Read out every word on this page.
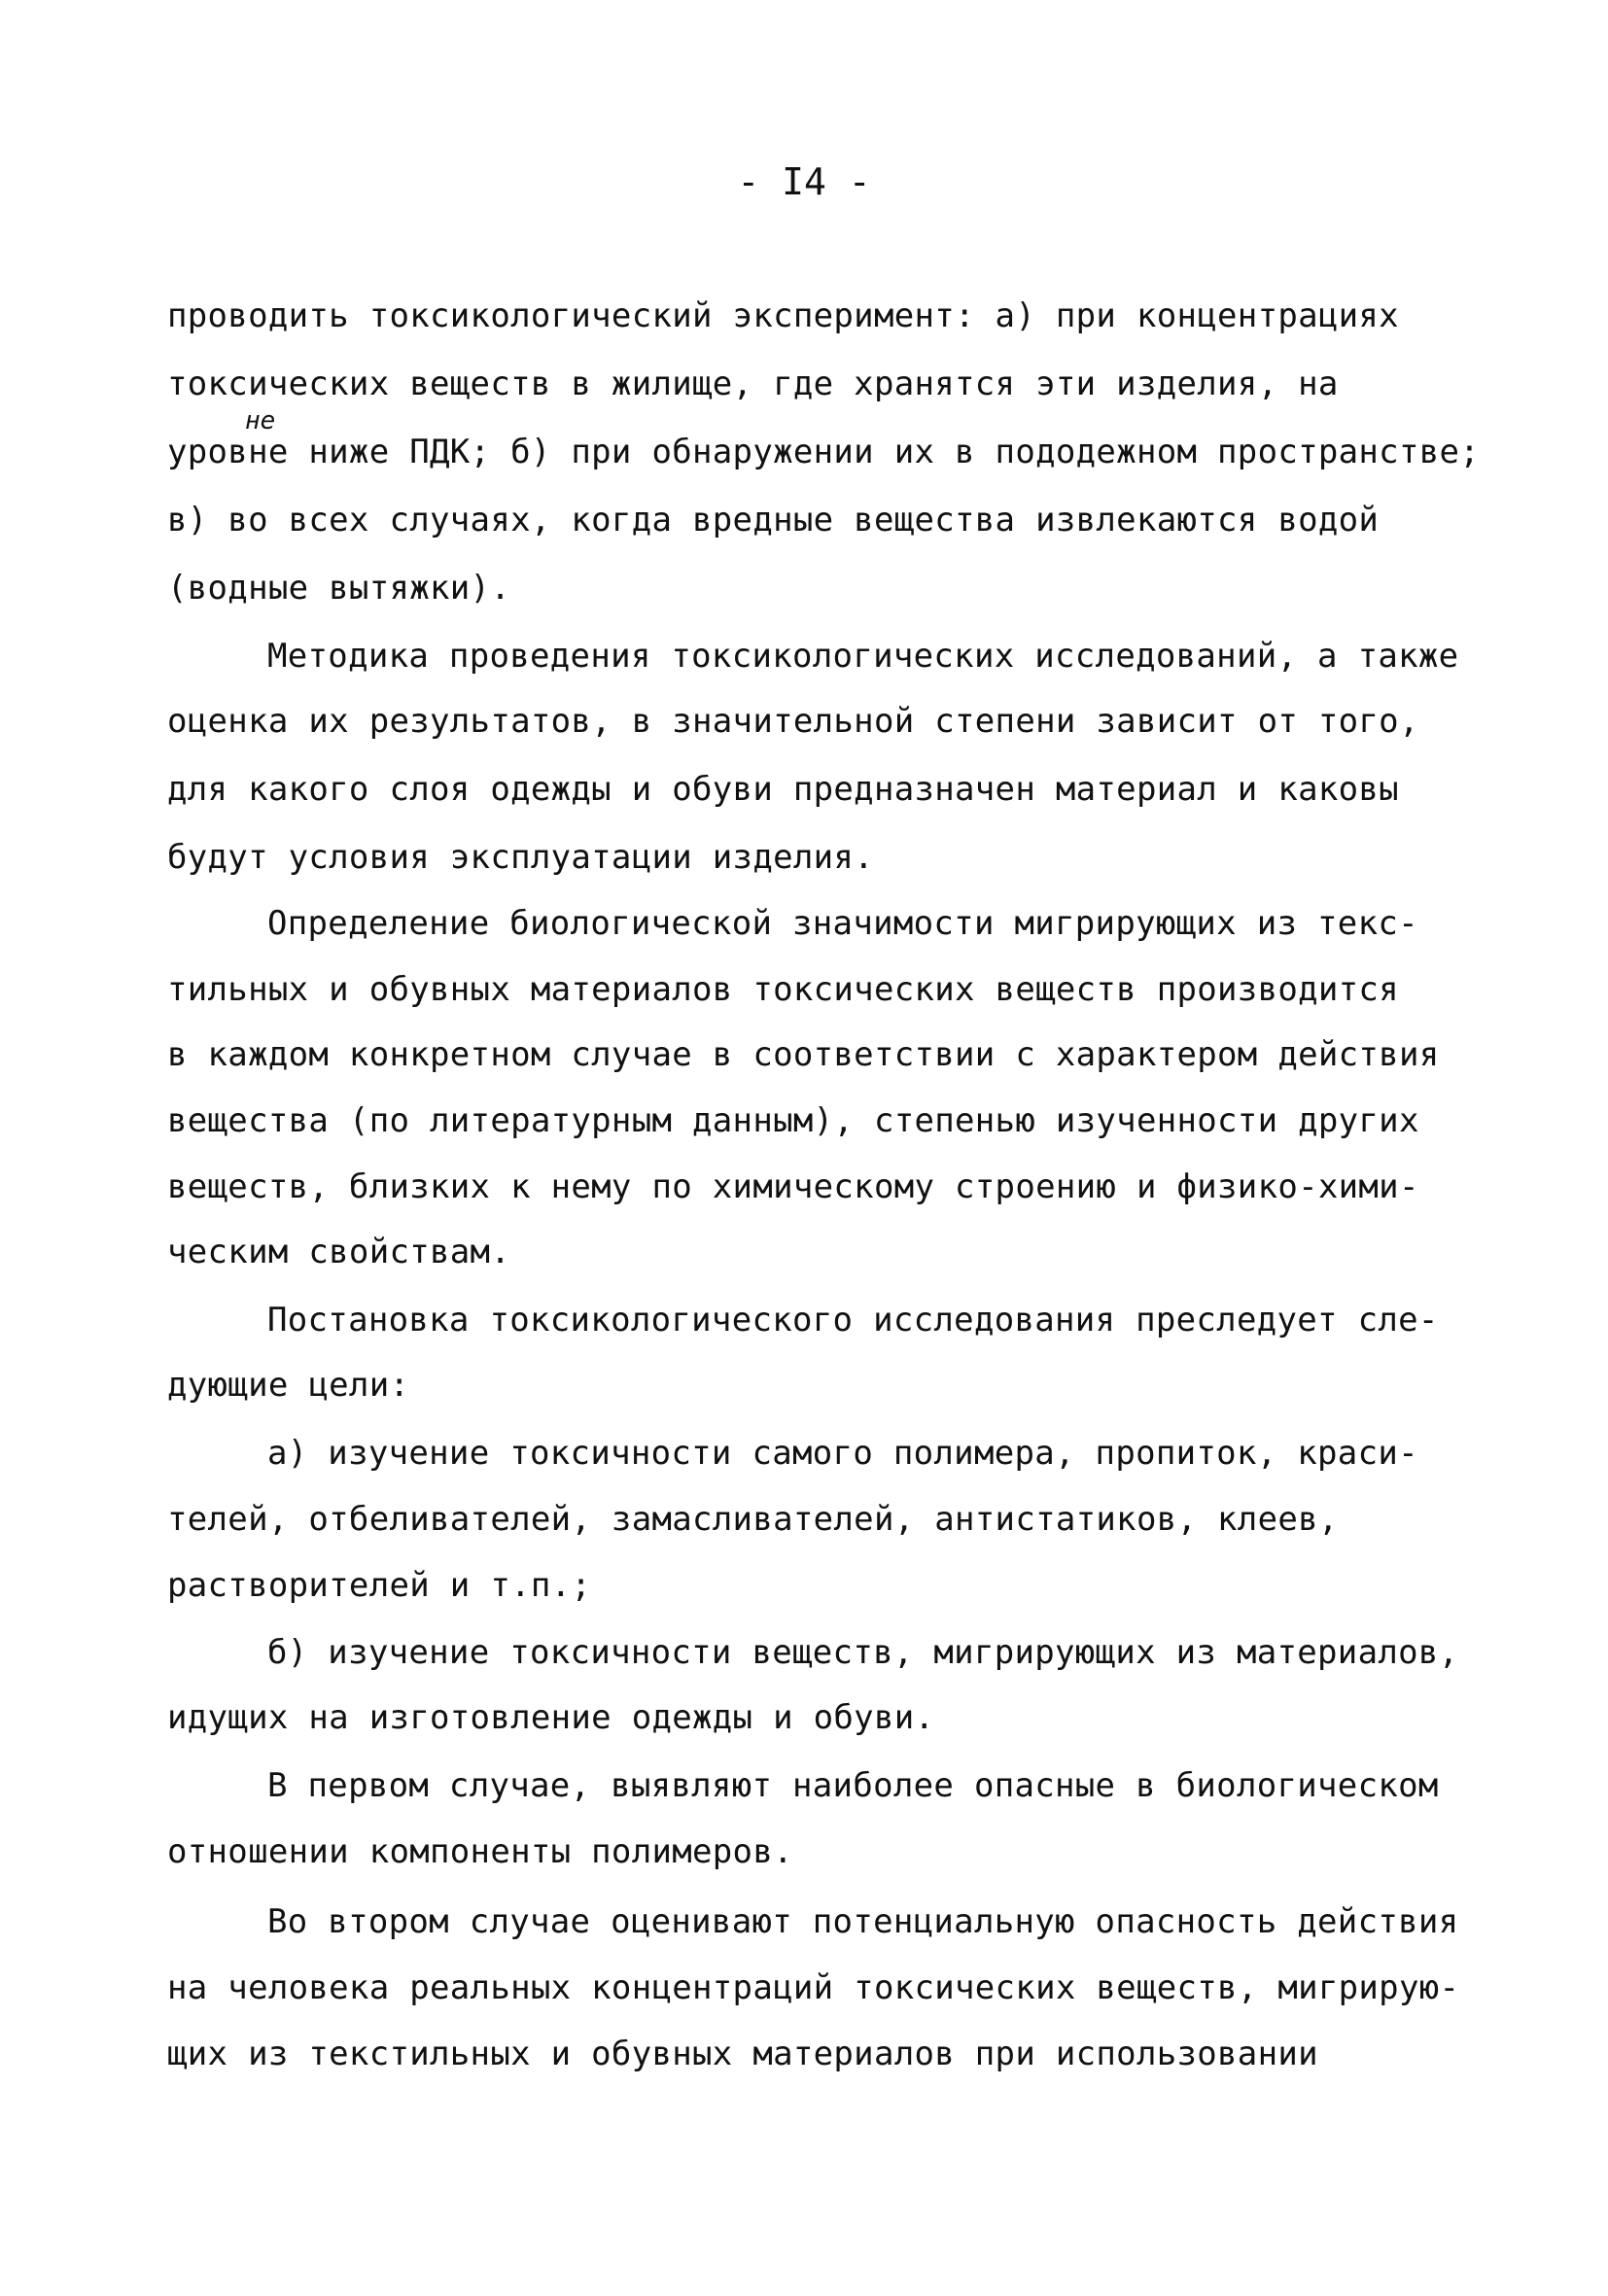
- I4 -
не
проводить токсикологический эксперимент: а) при концентрациях
токсических веществ в жилище, где хранятся эти изделия, на
уровне ниже ПДК; б) при обнаружении их в пододежном пространстве;
в) во всех случаях, когда вредные вещества извлекаются водой
(водные вытяжки).
Методика проведения токсикологических исследований, а также
оценка их результатов, в значительной степени зависит от того,
для какого слоя одежды и обуви предназначен материал и каковы
будут условия эксплуатации изделия.
Определение биологической значимости мигрирующих из текс-
тильных и обувных материалов токсических веществ производится
в каждом конкретном случае в соответствии с характером действия
вещества (по литературным данным), степенью изученности других
веществ, близких к нему по химическому строению и физико-хими-
ческим свойствам.
Постановка токсикологического исследования преследует сле-
дующие цели:
а) изучение токсичности самого полимера, пропиток, краси-
телей, отбеливателей, замасливателей, антистатиков, клеев,
растворителей и т.п.;
б) изучение токсичности веществ, мигрирующих из материалов,
идущих на изготовление одежды и обуви.
В первом случае, выявляют наиболее опасные в биологическом
отношении компоненты полимеров.
Во втором случае оценивают потенциальную опасность действия
на человека реальных концентраций токсических веществ, мигрирую-
щих из текстильных и обувных материалов при использовании
